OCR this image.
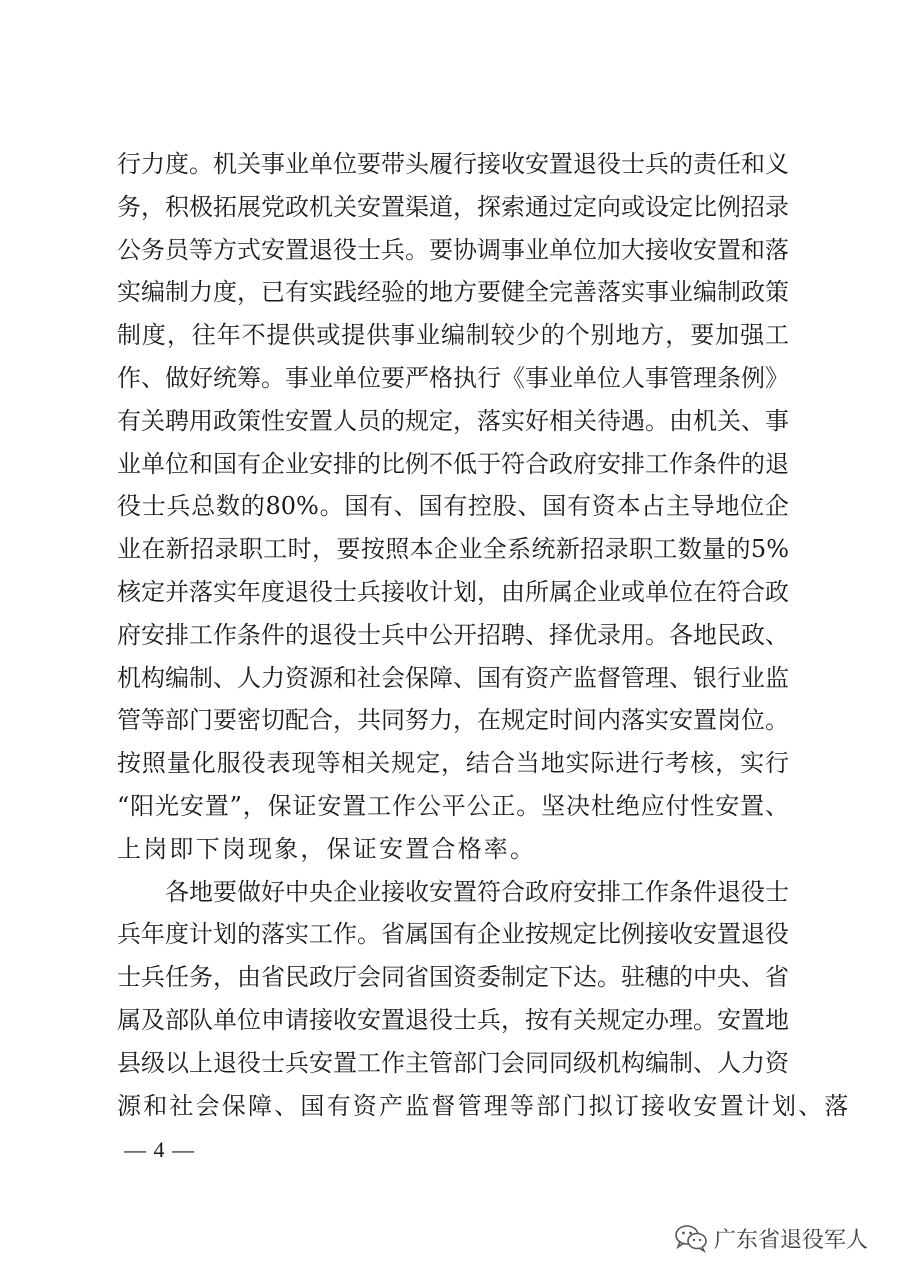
行力度。机关事业单位要带头履行接收安置退役士兵的责任和义
务，积极拓展党政机关安置渠道，探索通过定向或设定比例招录
公务员等方式安置退役士兵。要协调事业单位加大接收安置和落
实编制力度，已有实践经验的地方要健全完善落实事业编制政策
制度，往年不提供或提供事业编制较少的个别地方，要加强工
作、做好统筹。事业单位要严格执行《事业单位人事管理条例》
有关聘用政策性安置人员的规定，落实好相关待遇。由机关、事
业单位和国有企业安排的比例不低于符合政府安排工作条件的退
役士兵总数的80%。国有、国有控股、国有资本占主导地位企
业在新招录职工时，要按照本企业全系统新招录职工数量的5%
核定并落实年度退役士兵接收计划，由所属企业或单位在符合政
府安排工作条件的退役士兵中公开招聘、择优录用。各地民政、
机构编制、人力资源和社会保障、国有资产监督管理、银行业监
管等部门要密切配合，共同努力，在规定时间内落实安置岗位。
按照量化服役表现等相关规定，结合当地实际进行考核，实行
“阳光安置”，保证安置工作公平公正。坚决杜绝应付性安置、
上岗即下岗现象，保证安置合格率。
各地要做好中央企业接收安置符合政府安排工作条件退役士
兵年度计划的落实工作。省属国有企业按规定比例接收安置退役
士兵任务，由省民政厅会同省国资委制定下达。驻穗的中央、省
属及部队单位申请接收安置退役士兵，按有关规定办理。安置地
县级以上退役士兵安置工作主管部门会同同级机构编制、人力资
源和社会保障、国有资产监督管理等部门拟订接收安置计划、落
— 4 —
广东省退役军人
